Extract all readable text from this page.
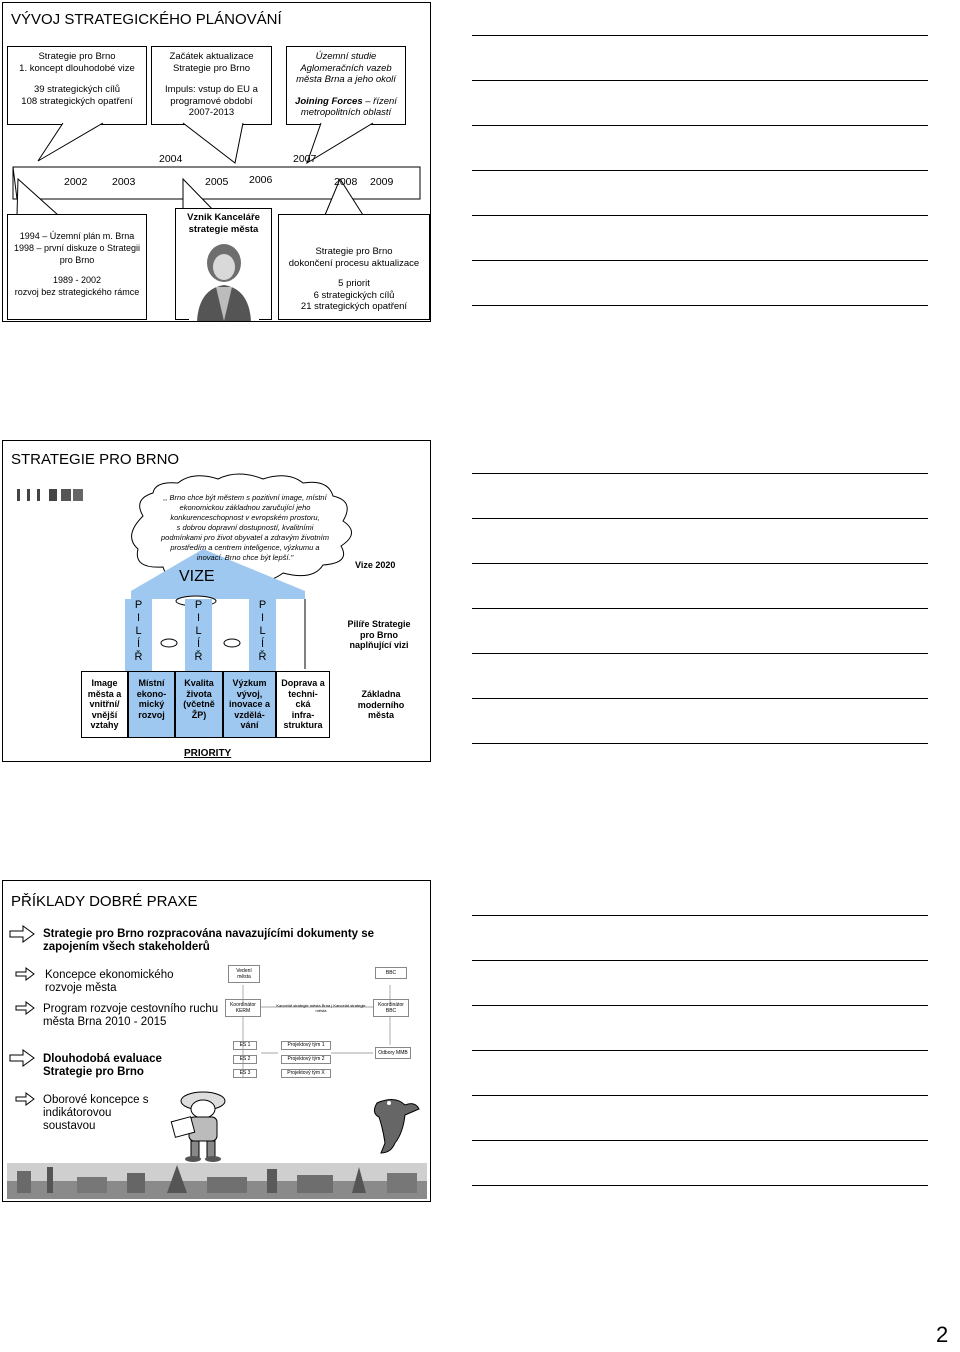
VÝVOJ STRATEGICKÉHO PLÁNOVÁNÍ
Strategie pro Brno
1. koncept dlouhodobé vize
39 strategických cílů
108 strategických opatření
Začátek aktualizace
Strategie pro Brno
Impuls: vstup do EU a
programové období
2007-2013
Územní studie
Aglomeračních vazeb
města Brna a jeho okolí
Joining Forces – řízení
metropolitních oblastí
2004	2007
2002 2003	2005 2006	2008 2009
1994 – Územní plán m. Brna
1998 – první diskuze o Strategii
pro Brno
1989 - 2002
rozvoj bez strategického rámce
Vznik Kanceláře
strategie města
Strategie pro Brno
dokončení procesu aktualizace
5 priorit
6 strategických cílů
21 strategických opatření
STRATEGIE PRO BRNO
,, Brno chce být městem s pozitivní image, místní
ekonomickou základnou zaručující jeho
konkurenceschopnost v evropském prostoru,
s dobrou dopravní dostupností, kvalitními
podmínkami pro život obyvatel a zdravým životním
prostředím a centrem inteligence, výzkumu a
inovací. Brno chce být lepší."
VIZE
Vize 2020
P
I
L
Í
Ř
P
I
L
Í
Ř
P
I
L
Í
Ř
Pilíře Strategie
pro Brno
naplňující vizi
Image
města a
vnitřní/
vnější
vztahy
Místní
ekono-
mický
rozvoj
Kvalita
života
(včetně
ŽP)
Výzkum
vývoj,
inovace a
vzdělá-
vání
Doprava a
techni-
cká
infra-
struktura
Základna
moderního
města
PRIORITY
PŘÍKLADY DOBRÉ PRAXE
Strategie pro Brno rozpracována navazujícími dokumenty se zapojením všech stakeholderů
Koncepce ekonomického rozvoje města
Program rozvoje cestovního ruchu města Brna 2010 - 2015
Dlouhodobá evaluace Strategie pro Brno
Oborové koncepce s indikátorovou soustavou
Vedení města
BBC
Koordinátor KERM
Kancelář strategie města Brna | Kancelář strategie města
Koordinátor BBC
ES 1
ES 2
ES 3
Projektový tým 1
Projektový tým 2
Projektový tým X
Odbory MMB
2
